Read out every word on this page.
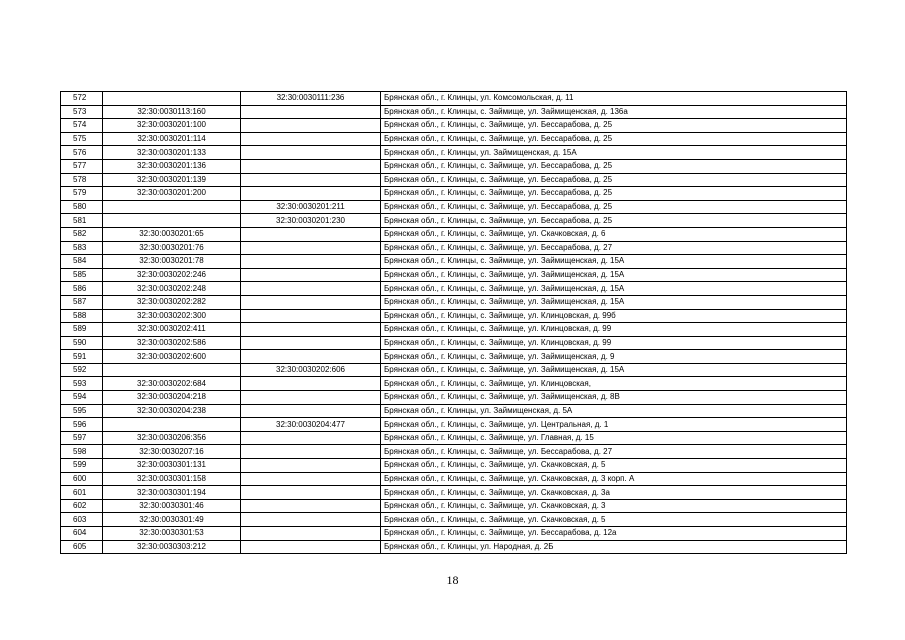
572		32:30:0030111:236	Брянская обл., г. Клинцы, ул. Комсомольская, д. 11
573	32:30:0030113:160		Брянская обл., г. Клинцы, с. Займище, ул. Займищенская, д. 136а
574	32:30:0030201:100		Брянская обл., г. Клинцы, с. Займище, ул. Бессарабова, д. 25
575	32:30:0030201:114		Брянская обл., г. Клинцы, с. Займище, ул. Бессарабова, д. 25
576	32:30:0030201:133		Брянская обл., г. Клинцы, ул. Займищенская, д. 15А
577	32:30:0030201:136		Брянская обл., г. Клинцы, с. Займище, ул. Бессарабова, д. 25
578	32:30:0030201:139		Брянская обл., г. Клинцы, с. Займище, ул. Бессарабова, д. 25
579	32:30:0030201:200		Брянская обл., г. Клинцы, с. Займище, ул. Бессарабова, д. 25
580		32:30:0030201:211	Брянская обл., г. Клинцы, с. Займище, ул. Бессарабова, д. 25
581		32:30:0030201:230	Брянская обл., г. Клинцы, с. Займище, ул. Бессарабова, д. 25
582	32:30:0030201:65		Брянская обл., г. Клинцы, с. Займище, ул. Скачковская, д. 6
583	32:30:0030201:76		Брянская обл., г. Клинцы, с. Займище, ул. Бессарабова, д. 27
584	32:30:0030201:78		Брянская обл., г. Клинцы, с. Займище, ул. Займищенская, д. 15А
585	32:30:0030202:246		Брянская обл., г. Клинцы, с. Займище, ул. Займищенская, д. 15А
586	32:30:0030202:248		Брянская обл., г. Клинцы, с. Займище, ул. Займищенская, д. 15А
587	32:30:0030202:282		Брянская обл., г. Клинцы, с. Займище, ул. Займищенская, д. 15А
588	32:30:0030202:300		Брянская обл., г. Клинцы, с. Займище, ул. Клинцовская, д. 99б
589	32:30:0030202:411		Брянская обл., г. Клинцы, с. Займище, ул. Клинцовская, д. 99
590	32:30:0030202:586		Брянская обл., г. Клинцы, с. Займище, ул. Клинцовская, д. 99
591	32:30:0030202:600		Брянская обл., г. Клинцы, с. Займище, ул. Займищенская, д. 9
592		32:30:0030202:606	Брянская обл., г. Клинцы, с. Займище, ул. Займищенская, д. 15А
593	32:30:0030202:684		Брянская обл., г. Клинцы, с. Займище, ул. Клинцовская,
594	32:30:0030204:218		Брянская обл., г. Клинцы, с. Займище, ул. Займищенская, д. 8В
595	32:30:0030204:238		Брянская обл., г. Клинцы, ул. Займищенская, д. 5А
596		32:30:0030204:477	Брянская обл., г. Клинцы, с. Займище, ул. Центральная, д. 1
597	32:30:0030206:356		Брянская обл., г. Клинцы, с. Займище, ул. Главная, д. 15
598	32:30:0030207:16		Брянская обл., г. Клинцы, с. Займище, ул. Бессарабова, д. 27
599	32:30:0030301:131		Брянская обл., г. Клинцы, с. Займище, ул. Скачковская, д. 5
600	32:30:0030301:158		Брянская обл., г. Клинцы, с. Займище, ул. Скачковская, д. 3 корп. А
601	32:30:0030301:194		Брянская обл., г. Клинцы, с. Займище, ул. Скачковская, д. 3а
602	32:30:0030301:46		Брянская обл., г. Клинцы, с. Займище, ул. Скачковская, д. 3
603	32:30:0030301:49		Брянская обл., г. Клинцы, с. Займище, ул. Скачковская, д. 5
604	32:30:0030301:53		Брянская обл., г. Клинцы, с. Займище, ул. Бессарабова, д. 12а
605	32:30:0030303:212		Брянская обл., г. Клинцы, ул. Народная, д. 2Б
18
